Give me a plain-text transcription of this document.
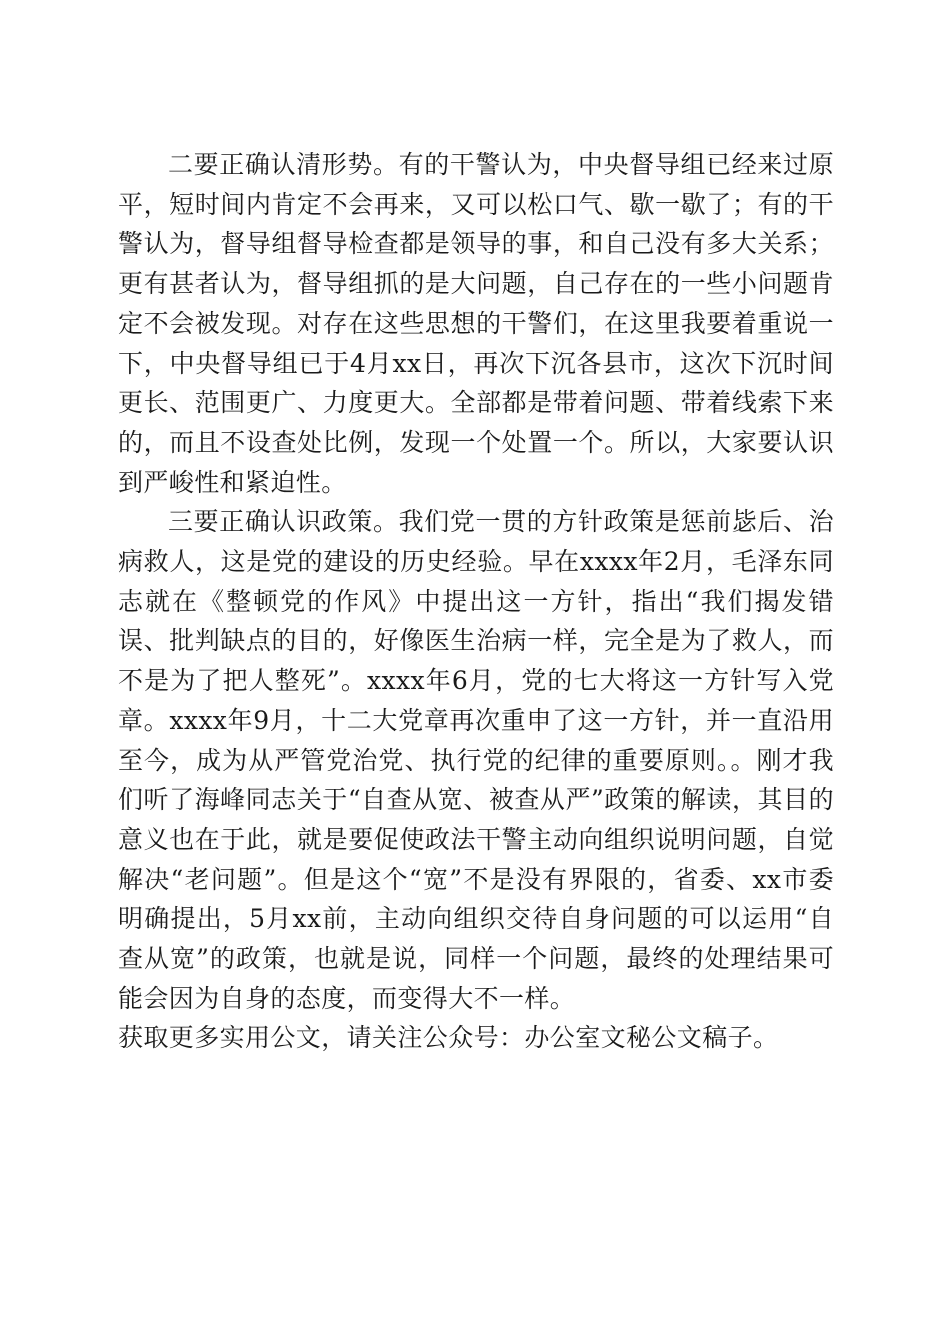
二要正确认清形势。有的干警认为，中央督导组已经来过原平，短时间内肯定不会再来，又可以松口气、歇一歇了；有的干警认为，督导组督导检查都是领导的事，和自己没有多大关系；更有甚者认为，督导组抓的是大问题，自己存在的一些小问题肯定不会被发现。对存在这些思想的干警们，在这里我要着重说一下，中央督导组已于4月xx日，再次下沉各县市，这次下沉时间更长、范围更广、力度更大。全部都是带着问题、带着线索下来的，而且不设查处比例，发现一个处置一个。所以，大家要认识到严峻性和紧迫性。

三要正确认识政策。我们党一贯的方针政策是惩前毖后、治病救人，这是党的建设的历史经验。早在xxxx年2月，毛泽东同志就在《整顿党的作风》中提出这一方针，指出“我们揭发错误、批判缺点的目的，好像医生治病一样，完全是为了救人，而不是为了把人整死”。xxxx年6月，党的七大将这一方针写入党章。xxxx年9月，十二大党章再次重申了这一方针，并一直沿用至今，成为从严管党治党、执行党的纪律的重要原则。。刚才我们听了海峰同志关于“自查从宽、被查从严”政策的解读，其目的意义也在于此，就是要促使政法干警主动向组织说明问题，自觉解决“老问题”。但是这个“宽”不是没有界限的，省委、xx市委明确提出，5月xx前，主动向组织交待自身问题的可以运用“自查从宽”的政策，也就是说，同样一个问题，最终的处理结果可能会因为自身的态度，而变得大不一样。

获取更多实用公文，请关注公众号：办公室文秘公文稿子。
